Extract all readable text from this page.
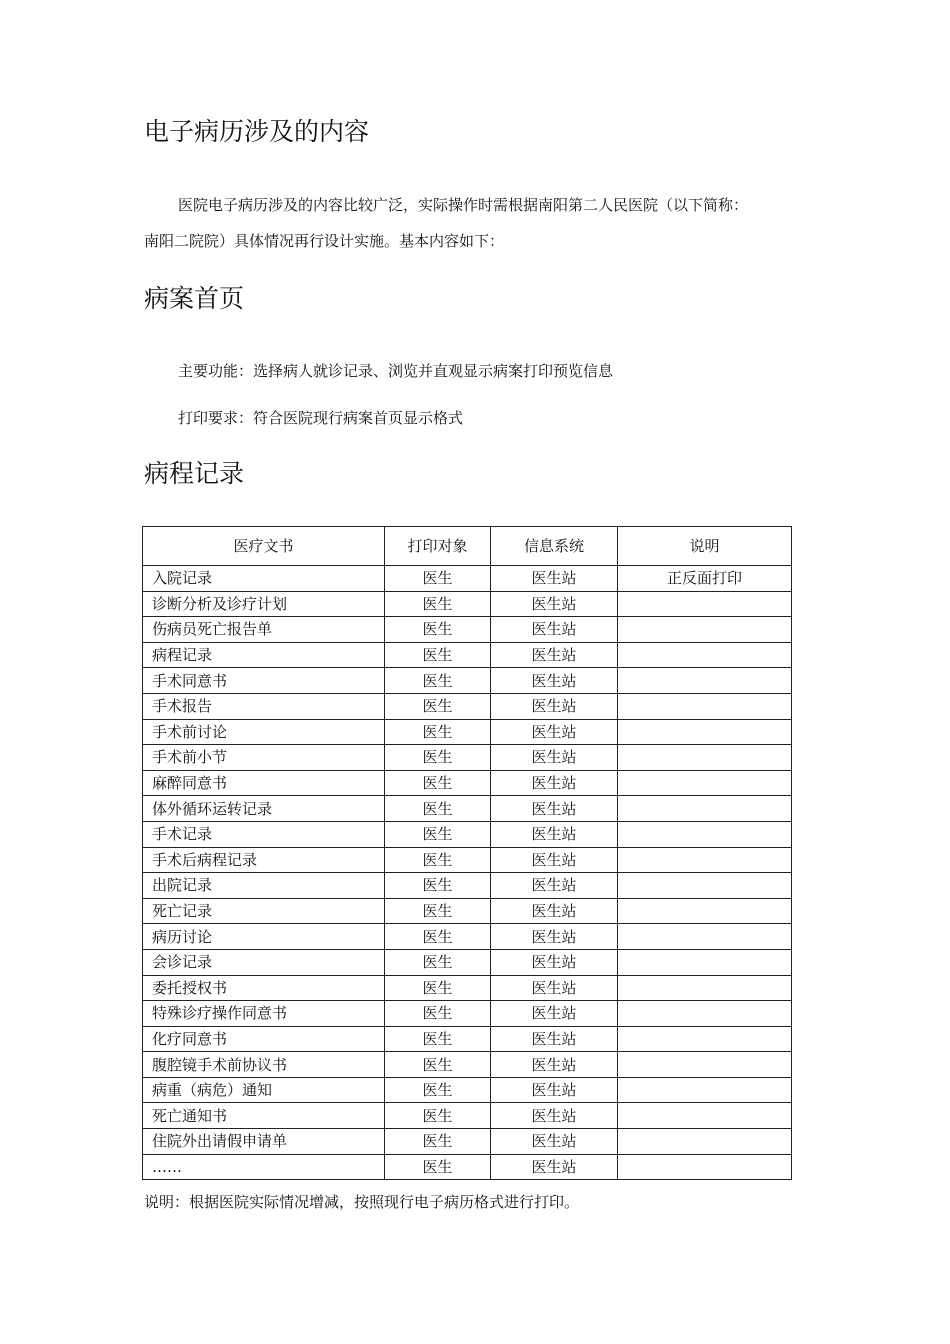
电子病历涉及的内容
医院电子病历涉及的内容比较广泛，实际操作时需根据南阳第二人民医院（以下简称：
南阳二院院）具体情况再行设计实施。基本内容如下：
病案首页
主要功能：选择病人就诊记录、浏览并直观显示病案打印预览信息
打印要求：符合医院现行病案首页显示格式
病程记录
医疗文书	打印对象	信息系统	说明
入院记录	医生	医生站	正反面打印
诊断分析及诊疗计划	医生	医生站	
伤病员死亡报告单	医生	医生站	
病程记录	医生	医生站	
手术同意书	医生	医生站	
手术报告	医生	医生站	
手术前讨论	医生	医生站	
手术前小节	医生	医生站	
麻醉同意书	医生	医生站	
体外循环运转记录	医生	医生站	
手术记录	医生	医生站	
手术后病程记录	医生	医生站	
出院记录	医生	医生站	
死亡记录	医生	医生站	
病历讨论	医生	医生站	
会诊记录	医生	医生站	
委托授权书	医生	医生站	
特殊诊疗操作同意书	医生	医生站	
化疗同意书	医生	医生站	
腹腔镜手术前协议书	医生	医生站	
病重（病危）通知	医生	医生站	
死亡通知书	医生	医生站	
住院外出请假申请单	医生	医生站	
……	医生	医生站	
说明：根据医院实际情况增减，按照现行电子病历格式进行打印。
